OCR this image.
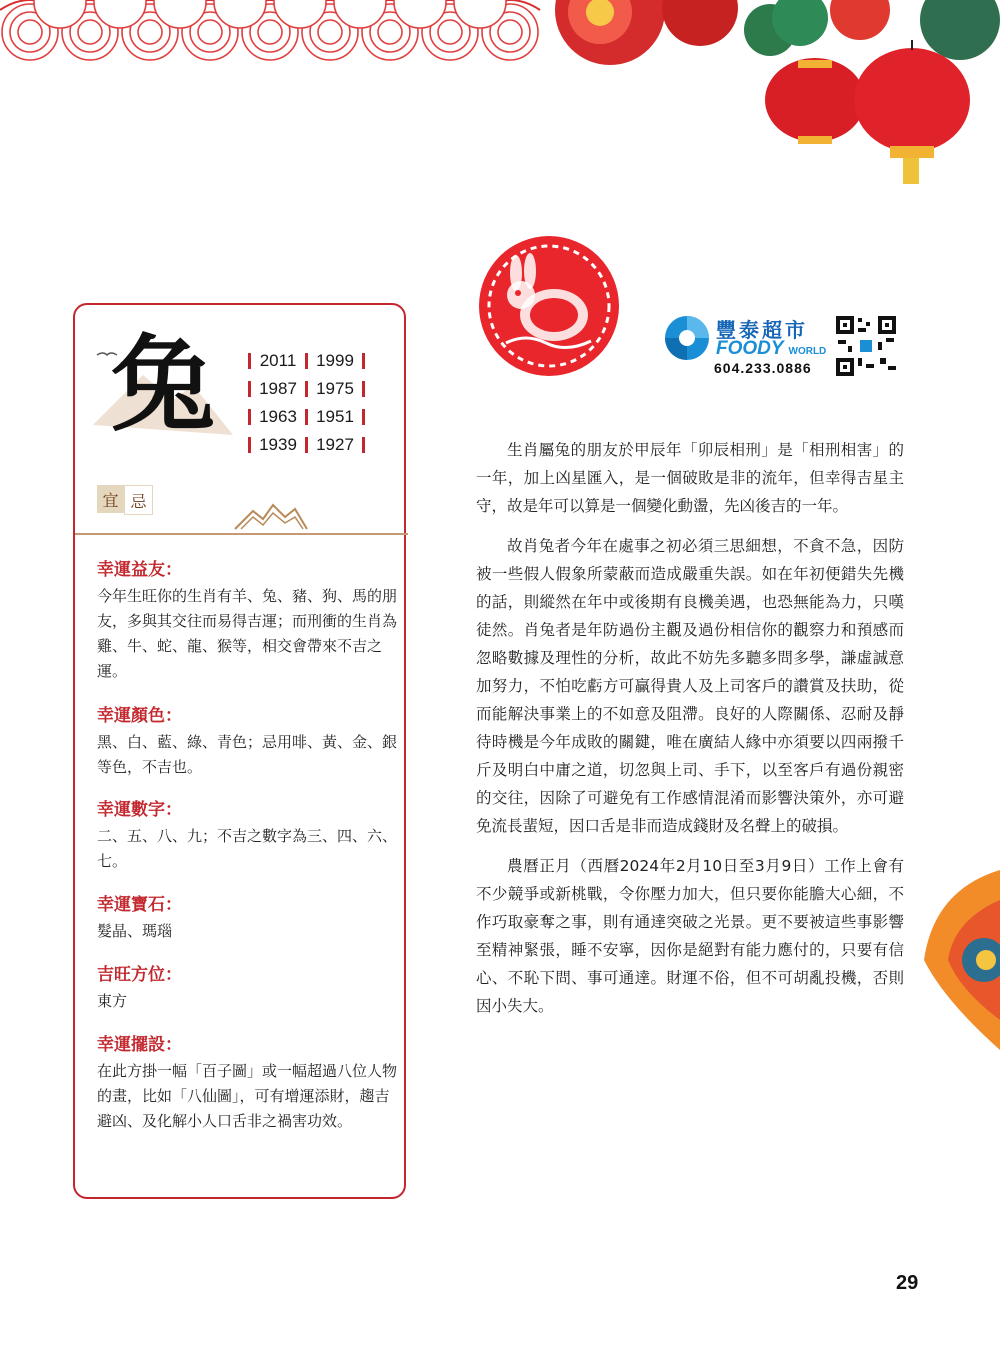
兔	2011 1999
1987 1975
1963 1951
1939 1927
宜 忌
幸運益友：
今年生旺你的生肖有羊、兔、豬、狗、馬的朋友，多與其交往而易得吉運；而刑衝的生肖為雞、牛、蛇、龍、猴等，相交會帶來不吉之運。
幸運顏色：
黑、白、藍、綠、青色；忌用啡、黃、金、銀等色，不吉也。
幸運數字：
二、五、八、九；不吉之數字為三、四、六、七。
幸運寶石：
髮晶、瑪瑙
吉旺方位：
東方
幸運擺設：
在此方掛一幅「百子圖」或一幅超過八位人物的畫，比如「八仙圖」，可有增運添財，趨吉避凶、及化解小人口舌非之禍害功效。
豐泰超市
FOODY WORLD
604.233.0886

生肖屬兔的朋友於甲辰年「卯辰相刑」是「相刑相害」的一年，加上凶星匯入，是一個破敗是非的流年，但幸得吉星主守，故是年可以算是一個變化動盪，先凶後吉的一年。

故肖兔者今年在處事之初必須三思細想，不貪不急，因防被一些假人假象所蒙蔽而造成嚴重失誤。如在年初便錯失先機的話，則縱然在年中或後期有良機美遇，也恐無能為力，只嘆徒然。肖兔者是年防過份主觀及過份相信你的觀察力和預感而忽略數據及理性的分析，故此不妨先多聽多問多學，謙虛誠意加努力，不怕吃虧方可贏得貴人及上司客戶的讚賞及扶助，從而能解決事業上的不如意及阻滯。良好的人際關係、忍耐及靜待時機是今年成敗的關鍵，唯在廣結人緣中亦須要以四兩撥千斤及明白中庸之道，切忽與上司、手下，以至客戶有過份親密的交往，因除了可避免有工作感情混淆而影響決策外，亦可避免流長蜚短，因口舌是非而造成錢財及名聲上的破損。

農曆正月（西曆2024年2月10日至3月9日）工作上會有不少競爭或新桃戰，令你壓力加大，但只要你能膽大心細，不作巧取豪奪之事，則有通達突破之光景。更不要被這些事影響至精神緊張，睡不安寧，因你是絕對有能力應付的，只要有信心、不恥下問、事可通達。財運不俗，但不可胡亂投機，否則因小失大。

29
